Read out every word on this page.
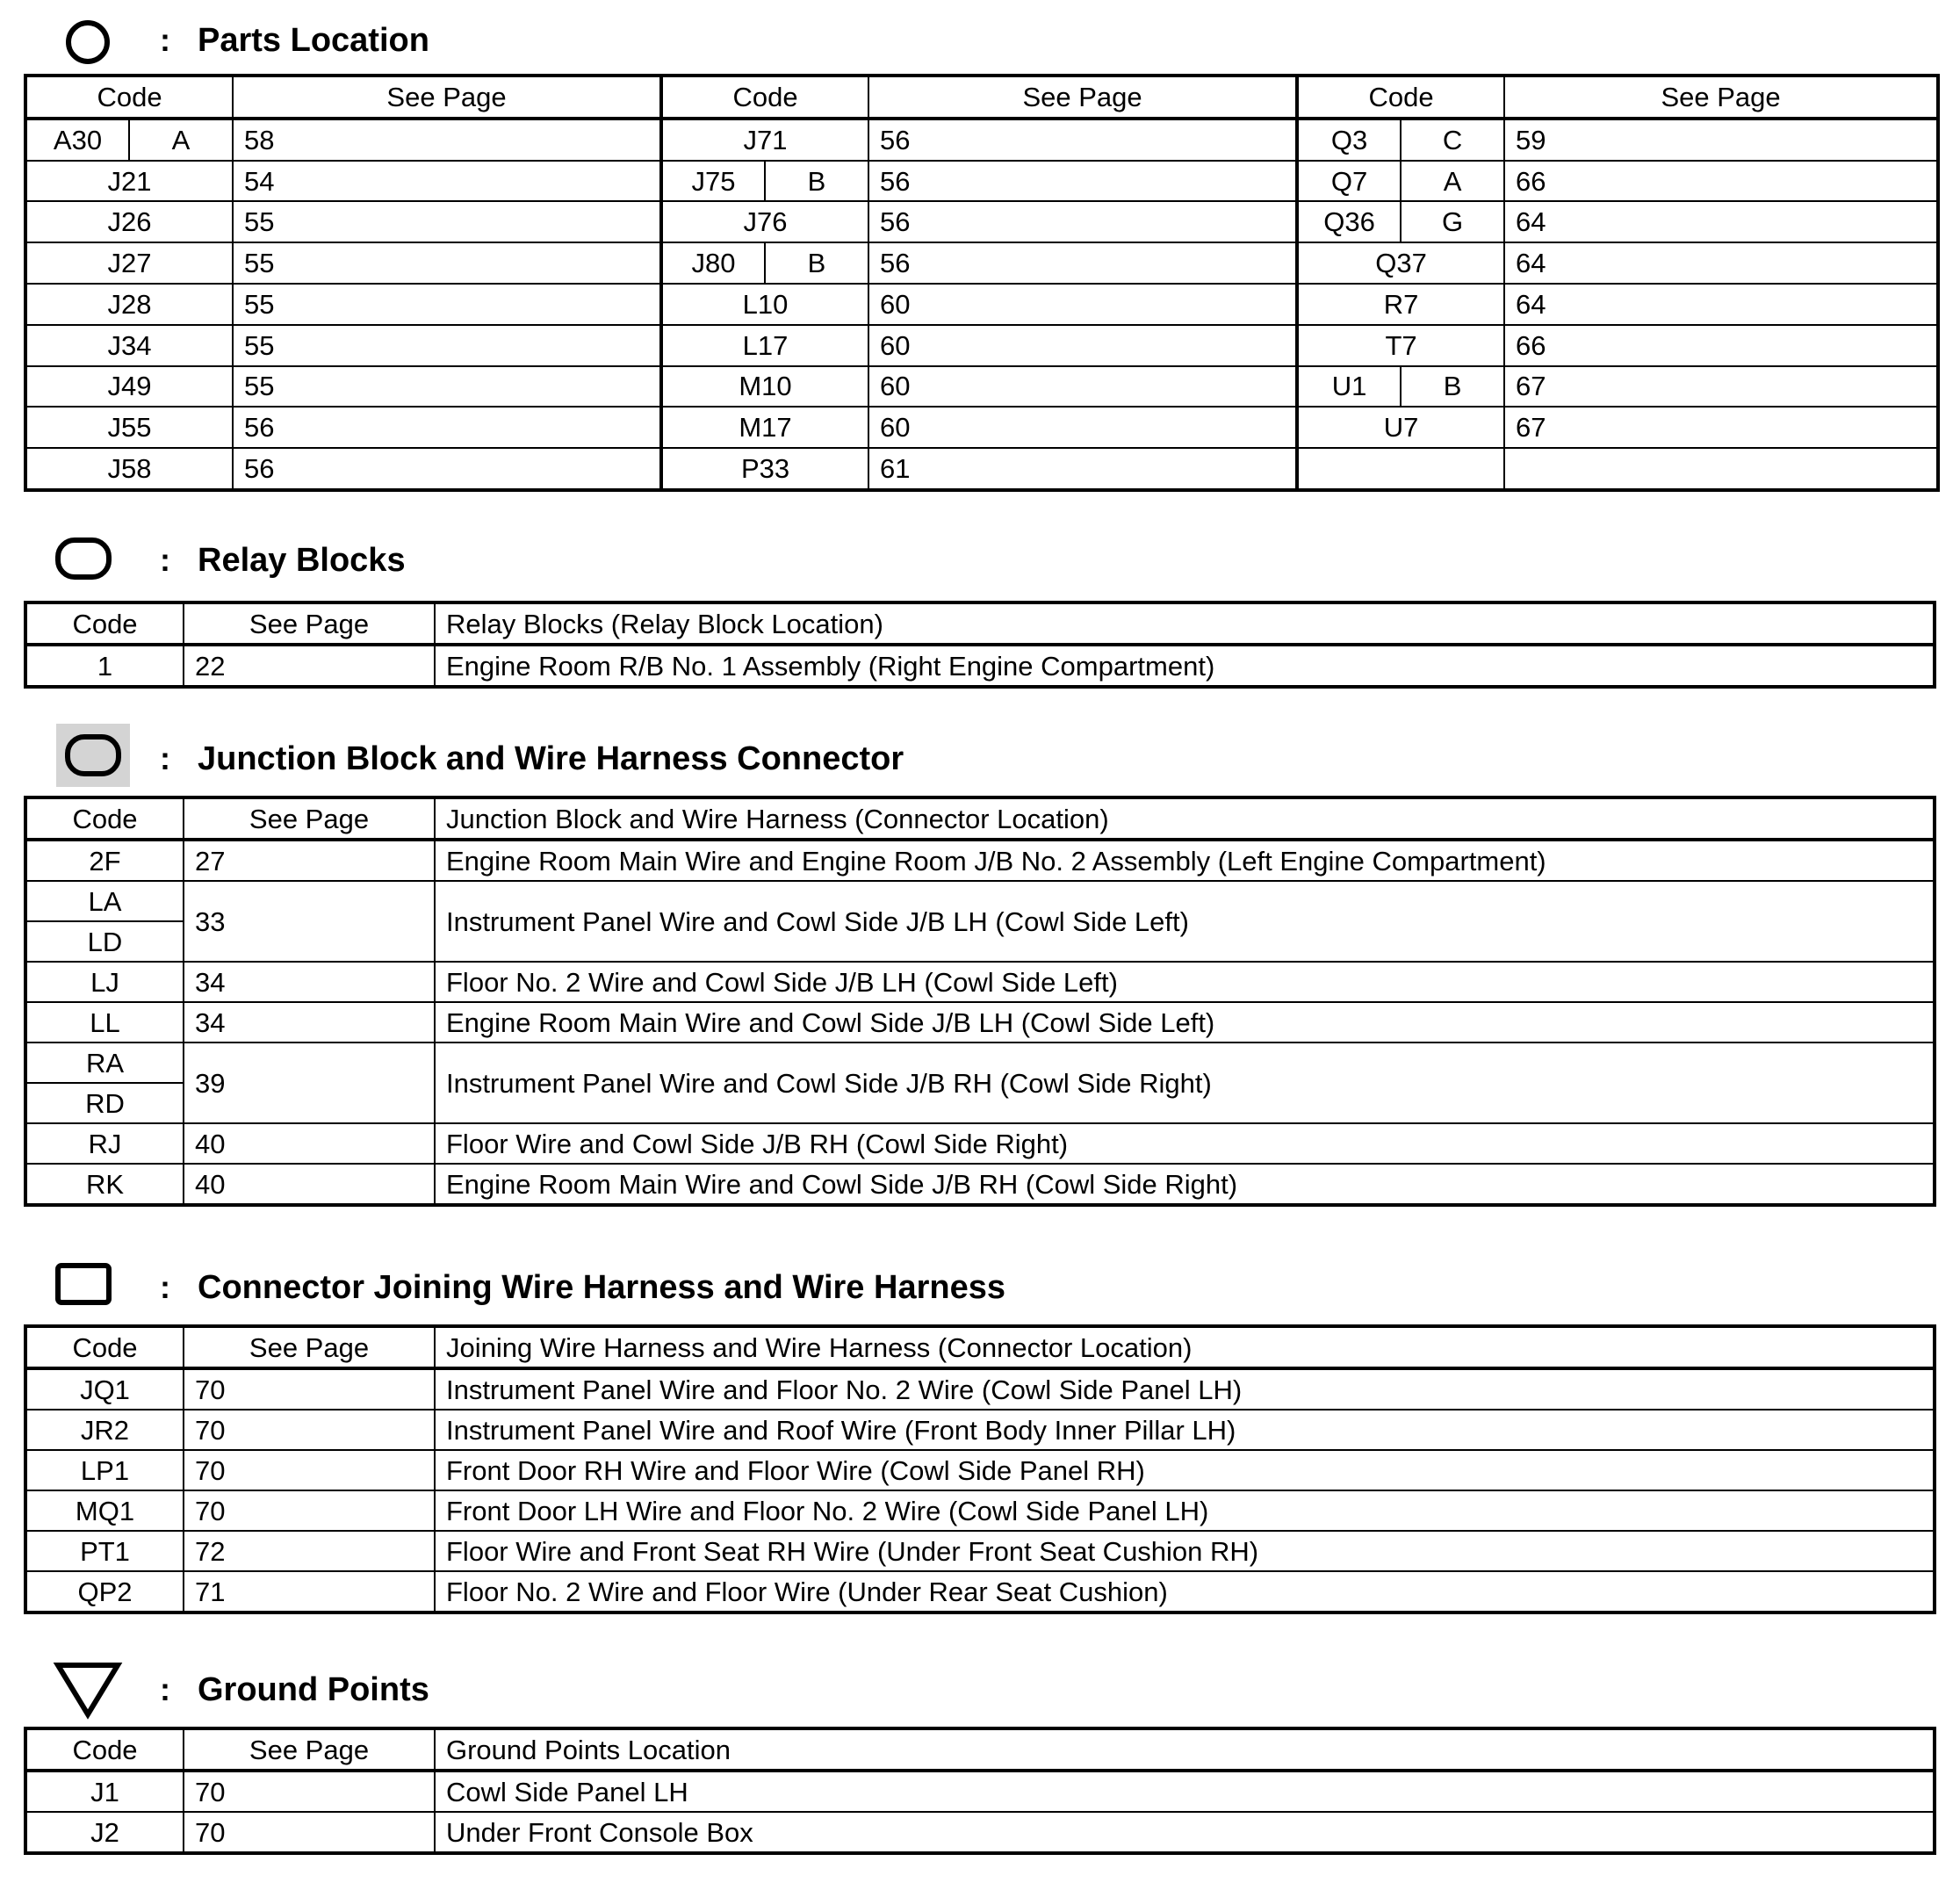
: Parts Location
Code		See Page	Code		See Page	Code		See Page
A30	A	58	J71		56	Q3	C	59
J21		54	J75	B	56	Q7	A	66
J26		55	J76		56	Q36	G	64
J27		55	J80	B	56	Q37		64
J28		55	L10		60	R7		64
J34		55	L17		60	T7		66
J49		55	M10		60	U1	B	67
J55		56	M17		60	U7		67
J58		56	P33		61			
: Relay Blocks
Code	See Page	Relay Blocks (Relay Block Location)
1	22	Engine Room R/B No. 1 Assembly (Right Engine Compartment)
: Junction Block and Wire Harness Connector
Code	See Page	Junction Block and Wire Harness (Connector Location)
2F	27	Engine Room Main Wire and Engine Room J/B No. 2 Assembly (Left Engine Compartment)
LA	33	Instrument Panel Wire and Cowl Side J/B LH (Cowl Side Left)
LD		
LJ	34	Floor No. 2 Wire and Cowl Side J/B LH (Cowl Side Left)
LL	34	Engine Room Main Wire and Cowl Side J/B LH (Cowl Side Left)
RA	39	Instrument Panel Wire and Cowl Side J/B RH (Cowl Side Right)
RD		
RJ	40	Floor Wire and Cowl Side J/B RH (Cowl Side Right)
RK	40	Engine Room Main Wire and Cowl Side J/B RH (Cowl Side Right)
: Connector Joining Wire Harness and Wire Harness
Code	See Page	Joining Wire Harness and Wire Harness (Connector Location)
JQ1	70	Instrument Panel Wire and Floor No. 2 Wire (Cowl Side Panel LH)
JR2	70	Instrument Panel Wire and Roof Wire (Front Body Inner Pillar LH)
LP1	70	Front Door RH Wire and Floor Wire (Cowl Side Panel RH)
MQ1	70	Front Door LH Wire and Floor No. 2 Wire (Cowl Side Panel LH)
PT1	72	Floor Wire and Front Seat RH Wire (Under Front Seat Cushion RH)
QP2	71	Floor No. 2 Wire and Floor Wire (Under Rear Seat Cushion)
: Ground Points
Code	See Page	Ground Points Location
J1	70	Cowl Side Panel LH
J2	70	Under Front Console Box
